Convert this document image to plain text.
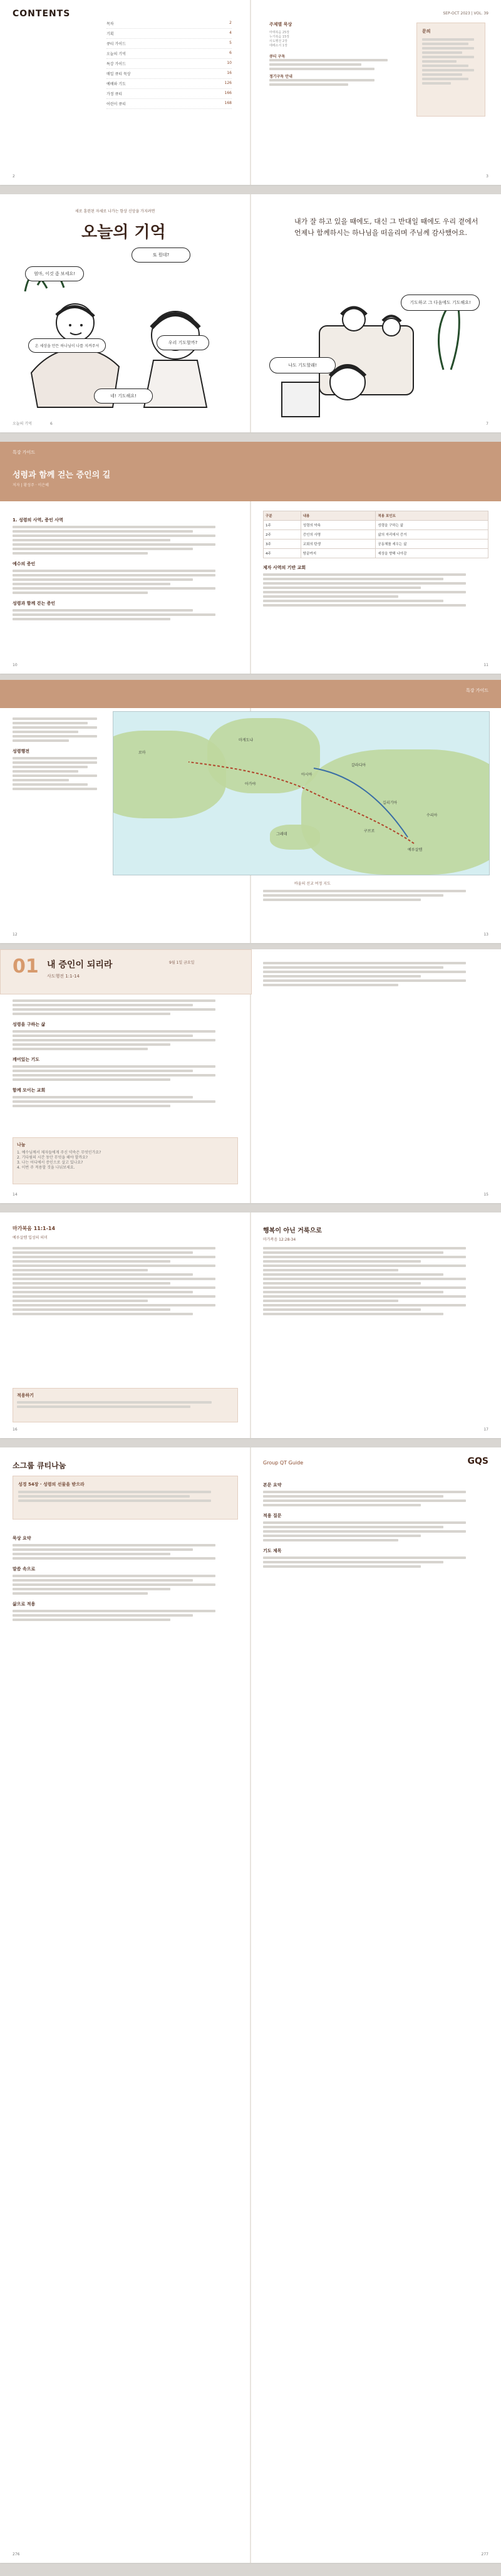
CONTENTS	SEP-OCT 2023 | VOL. 39
목차	2
기획	4
큐티 가이드	5
오늘의 기억	6
특강 가이드	10
매일 큐티 묵상	16
예배와 기도	126
가정 큐티	166
어린이 큐티	168
주제별 묵상
마태복음 25장
누가복음 15장
사도행전 2장
에베소서 1장
큐티 구독
정기구독 안내
문의
2	3
오늘의 기억
새로 훈련된 자세로 나가는 항상 신앙을 가지려면
엄마, 이것 좀 보세요!
또 뭔데?
온 세상을 만든 하나님이 나를 지켜주셔
우리 기도할까?
네! 기도해요!
내가 잘 하고 있을 때에도, 대신 그 반대일 때에도 우리 곁에서 언제나 함께하시는 하나님을 떠올리며 주님께 감사했어요.
기도하고 그 다음에도 기도해요!
나도 기도할래!
오늘의 기억	6	7
특강 가이드
성령과 함께 걷는 증인의 길
저자 | 황성주 · 이은혜
1. 성령의 사역, 증인 사역
예수의 증인
성령과 함께 걷는 증인
구분	내용	적용 포인트
1주	성령의 약속	성령을 구하는 삶
2주	증인의 사명	삶의 자리에서 증거
3주	교회의 탄생	공동체를 세우는 삶
4주	땅끝까지	세상을 향해 나아감
제자 사역의 기반 교회
10	11
특강 가이드
성령행전	로마
마게도냐
아가야
아시아
갈라디아
길리기아
수리아
예루살렘
구브로
그레데
바울의 선교 여정 지도
12	13
01 내 증인이 되리라
사도행전 1:1-14
9월 1일 금요일
성령을 구하는 삶
깨어있는 기도
함께 모이는 교회
나눔
1. 예수님께서 제자들에게 주신 약속은 무엇인가요?
2. 기다림의 시간 동안 무엇을 해야 할까요?
3. 나는 어디에서 증인으로 살고 있나요?
4. 이번 주 적용할 것을 나눠보세요.
14	15
마가복음 11:1-14
예루살렘 입성의 의미
적용하기
행복이 아닌 거룩으로
마가복음 12:28-34
16	17
소그룹 큐티나눔
성경 54장 · 성령의 선물을 받으라
묵상 요약
말씀 속으로
삶으로 적용
Group QT Guide	GQS
본문 요약
적용 질문
기도 제목
276	277
